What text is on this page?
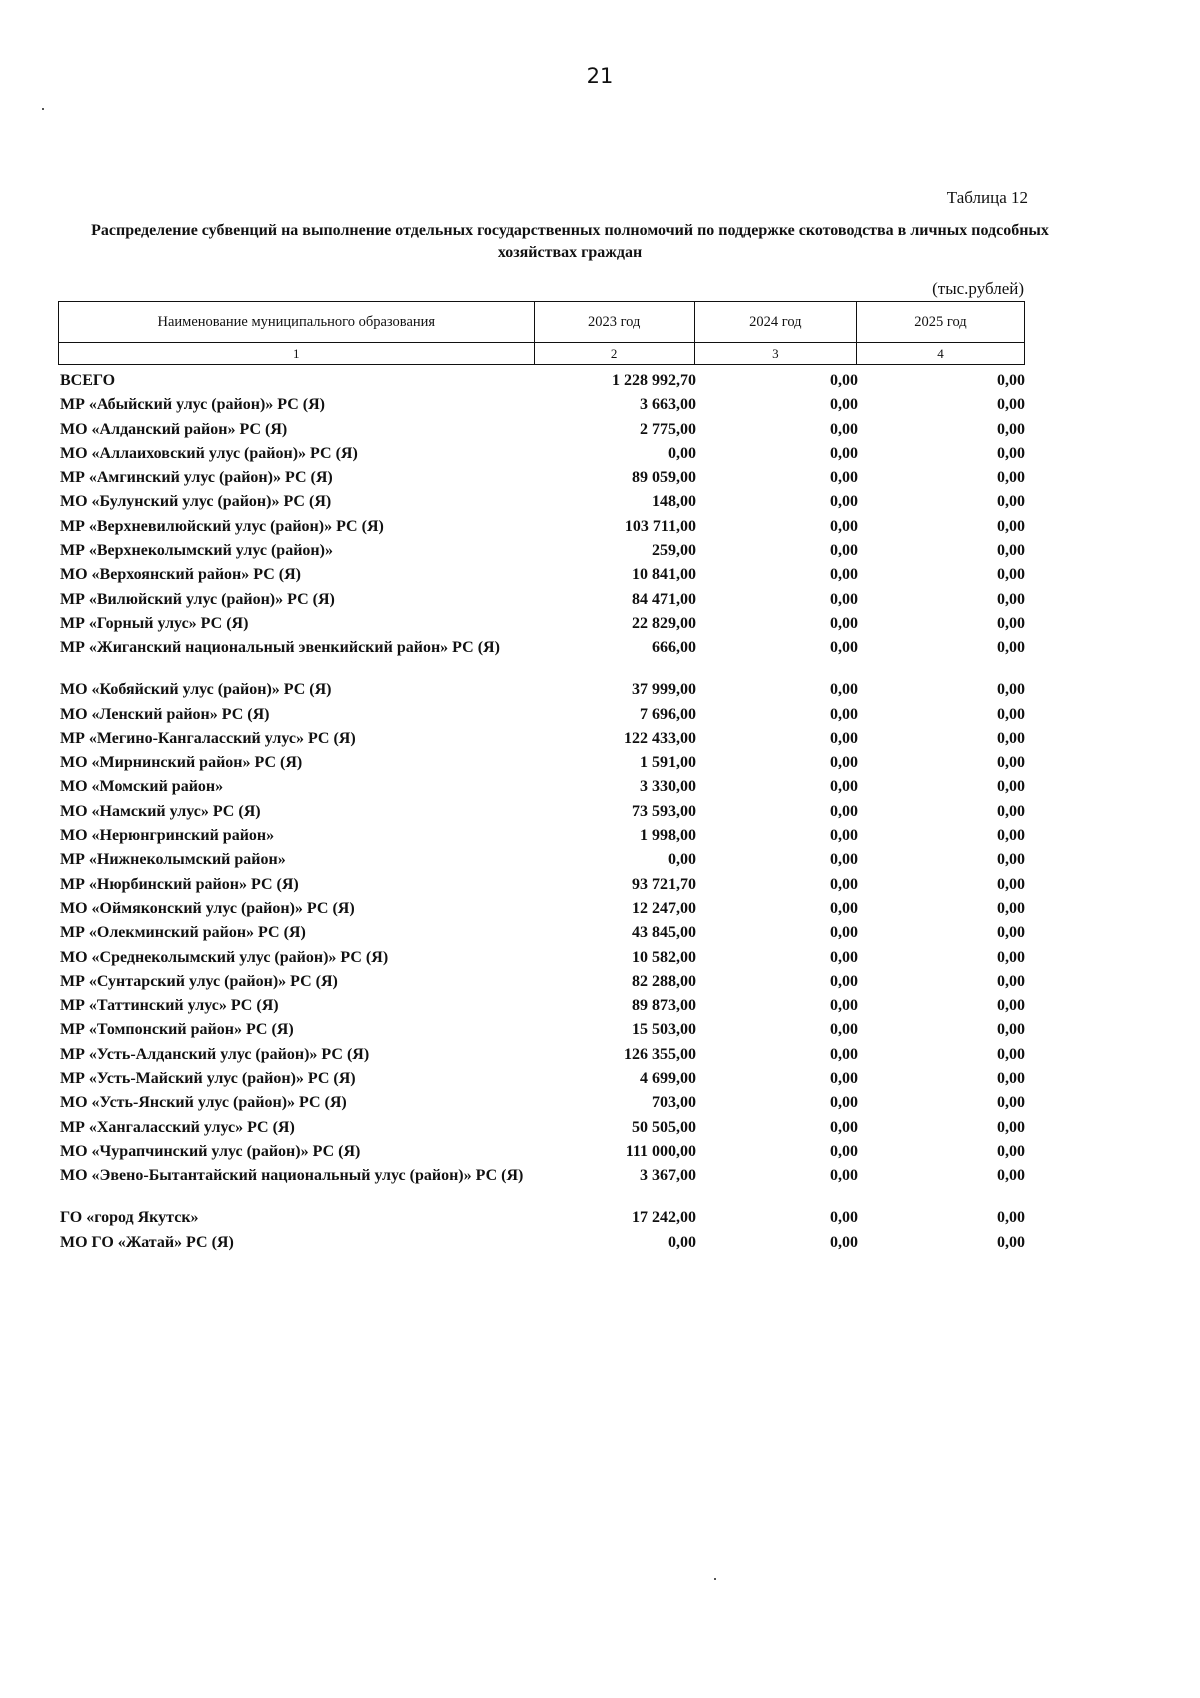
21
Таблица 12
Распределение субвенций на выполнение отдельных государственных полномочий по поддержке скотоводства в личных подсобных хозяйствах граждан
(тыс.рублей)
Наименование муниципального образования	2023 год	2024 год	2025 год
1	2	3	4
ВСЕГО	1 228 992,70	0,00	0,00
МР «Абыйский улус (район)» РС (Я)	3 663,00	0,00	0,00
МО «Алданский район» РС (Я)	2 775,00	0,00	0,00
МО «Аллаиховский улус (район)» РС (Я)	0,00	0,00	0,00
МР «Амгинский улус (район)» РС (Я)	89 059,00	0,00	0,00
МО «Булунский улус (район)» РС (Я)	148,00	0,00	0,00
МР «Верхневилюйский улус (район)» РС (Я)	103 711,00	0,00	0,00
МР «Верхнеколымский улус (район)»	259,00	0,00	0,00
МО «Верхоянский район» РС (Я)	10 841,00	0,00	0,00
МР «Вилюйский улус (район)» РС (Я)	84 471,00	0,00	0,00
МР «Горный улус» РС (Я)	22 829,00	0,00	0,00
МР «Жиганский национальный эвенкийский район» РС (Я)	666,00	0,00	0,00
МО «Кобяйский улус (район)» РС (Я)	37 999,00	0,00	0,00
МО «Ленский район» РС (Я)	7 696,00	0,00	0,00
МР «Мегино-Кангаласский улус» РС (Я)	122 433,00	0,00	0,00
МО «Мирнинский район» РС (Я)	1 591,00	0,00	0,00
МО «Момский район»	3 330,00	0,00	0,00
МО «Намский улус» РС (Я)	73 593,00	0,00	0,00
МО «Нерюнгринский район»	1 998,00	0,00	0,00
МР «Нижнеколымский район»	0,00	0,00	0,00
МР «Нюрбинский район» РС (Я)	93 721,70	0,00	0,00
МО «Оймяконский улус (район)» РС (Я)	12 247,00	0,00	0,00
МР «Олекминский район» РС (Я)	43 845,00	0,00	0,00
МО «Среднеколымский улус (район)» РС (Я)	10 582,00	0,00	0,00
МР «Сунтарский улус (район)» РС (Я)	82 288,00	0,00	0,00
МР «Таттинский улус» РС (Я)	89 873,00	0,00	0,00
МР «Томпонский район» РС (Я)	15 503,00	0,00	0,00
МР «Усть-Алданский улус (район)» РС (Я)	126 355,00	0,00	0,00
МР «Усть-Майский улус (район)» РС (Я)	4 699,00	0,00	0,00
МО «Усть-Янский улус (район)» РС (Я)	703,00	0,00	0,00
МР «Хангаласский улус» РС (Я)	50 505,00	0,00	0,00
МО «Чурапчинский улус (район)» РС (Я)	111 000,00	0,00	0,00
МО «Эвено-Бытантайский национальный улус (район)» РС (Я)	3 367,00	0,00	0,00
ГО «город Якутск»	17 242,00	0,00	0,00
МО ГО «Жатай» РС (Я)	0,00	0,00	0,00
